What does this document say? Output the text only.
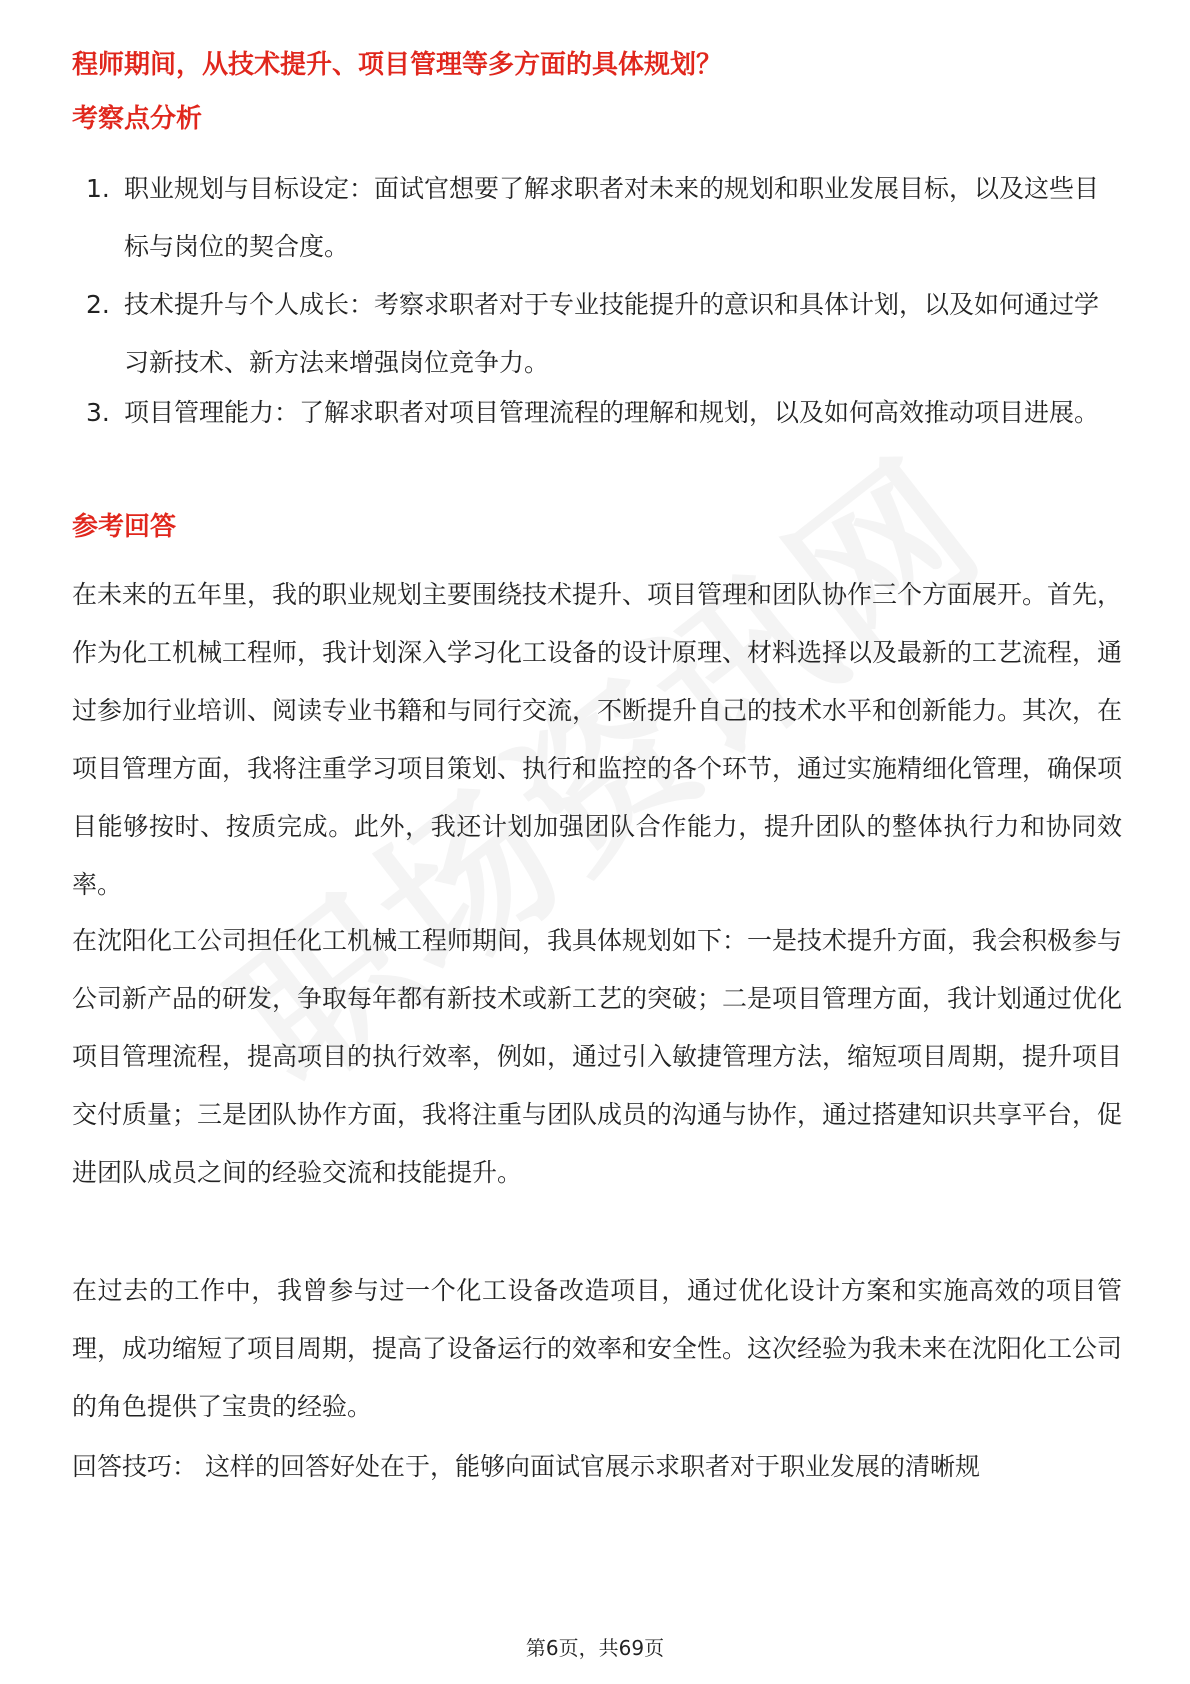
程师期间，从技术提升、项目管理等多方面的具体规划？
考察点分析
1. 职业规划与目标设定：面试官想要了解求职者对未来的规划和职业发展目标，以及这些目标与岗位的契合度。
2. 技术提升与个人成长：考察求职者对于专业技能提升的意识和具体计划，以及如何通过学习新技术、新方法来增强岗位竞争力。
3. 项目管理能力：了解求职者对项目管理流程的理解和规划，以及如何高效推动项目进展。
参考回答

在未来的五年里，我的职业规划主要围绕技术提升、项目管理和团队协作三个方面展开。首先，作为化工机械工程师，我计划深入学习化工设备的设计原理、材料选择以及最新的工艺流程，通过参加行业培训、阅读专业书籍和与同行交流，不断提升自己的技术水平和创新能力。其次，在项目管理方面，我将注重学习项目策划、执行和监控的各个环节，通过实施精细化管理，确保项目能够按时、按质完成。此外，我还计划加强团队合作能力，提升团队的整体执行力和协同效率。

在沈阳化工公司担任化工机械工程师期间，我具体规划如下：一是技术提升方面，我会积极参与公司新产品的研发，争取每年都有新技术或新工艺的突破；二是项目管理方面，我计划通过优化项目管理流程，提高项目的执行效率，例如，通过引入敏捷管理方法，缩短项目周期，提升项目交付质量；三是团队协作方面，我将注重与团队成员的沟通与协作，通过搭建知识共享平台，促进团队成员之间的经验交流和技能提升。

在过去的工作中，我曾参与过一个化工设备改造项目，通过优化设计方案和实施高效的项目管理，成功缩短了项目周期，提高了设备运行的效率和安全性。这次经验为我未来在沈阳化工公司的角色提供了宝贵的经验。

回答技巧： 这样的回答好处在于，能够向面试官展示求职者对于职业发展的清晰规

第6页，共69页
